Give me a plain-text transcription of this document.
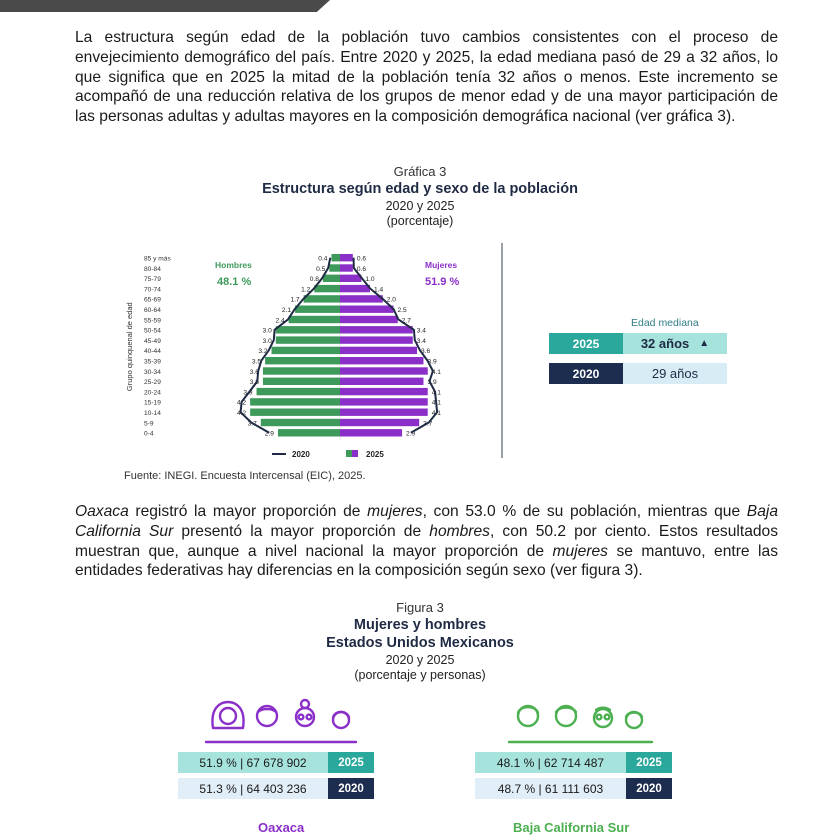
La estructura según edad de la población tuvo cambios consistentes con el proceso de envejecimiento demográfico del país. Entre 2020 y 2025, la edad mediana pasó de 29 a 32 años, lo que significa que en 2025 la mitad de la población tenía 32 años o menos. Este incremento se acompañó de una reducción relativa de los grupos de menor edad y de una mayor participación de las personas adultas y adultas mayores en la composición demográfica nacional (ver gráfica 3).

Gráfica 3
Estructura según edad y sexo de la población
2020 y 2025
(porcentaje)
Grupo quinquenal de edad
85 y más	0.4	0.6
80-84	0.5	0.6
75-79	0.8	1.0
70-74	1.2	1.4
65-69	1.7	2.0
60-64	2.1	2.5
55-59	2.4	2.7
50-54	3.0	3.4
45-49	3.0	3.4
40-44	3.2	3.6
35-39	3.5	3.9
30-34	3.6	4.1
25-29	3.6	3.9
20-24	3.9	4.1
15-19	4.2	4.1
10-14	4.2	4.1
5-9	3.7	3.7
0-4	2.9	2.9
Hombres
48.1 %
Mujeres
51.9 %
2020	2025
Fuente: INEGI. Encuesta Intercensal (EIC), 2025.
Edad mediana
2025	32 años ▲
2020	29 años

Oaxaca registró la mayor proporción de mujeres, con 53.0 % de su población, mientras que Baja California Sur presentó la mayor proporción de hombres, con 50.2 por ciento. Estos resultados muestran que, aunque a nivel nacional la mayor proporción de mujeres se mantuvo, entre las entidades federativas hay diferencias en la composición según sexo (ver figura 3).

Figura 3
Mujeres y hombres
Estados Unidos Mexicanos
2020 y 2025
(porcentaje y personas)
51.9 % | 67 678 902	2025
51.3 % | 64 403 236	2020
48.1 % | 62 714 487	2025
48.7 % | 61 111 603	2020
Oaxaca	Baja California Sur
